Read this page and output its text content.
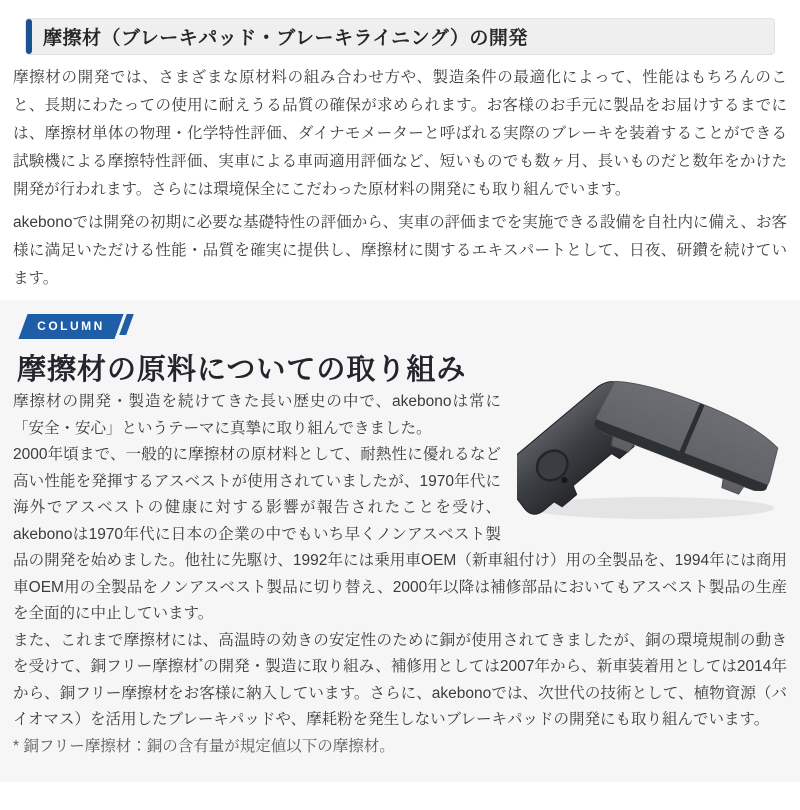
摩擦材（ブレーキパッド・ブレーキライニング）の開発

摩擦材の開発では、さまざまな原材料の組み合わせ方や、製造条件の最適化によって、性能はもちろんのこと、長期にわたっての使用に耐えうる品質の確保が求められます。お客様のお手元に製品をお届けするまでには、摩擦材単体の物理・化学特性評価、ダイナモメーターと呼ばれる実際のブレーキを装着することができる試験機による摩擦特性評価、実車による車両適用評価など、短いものでも数ヶ月、長いものだと数年をかけた開発が行われます。さらには環境保全にこだわった原材料の開発にも取り組んでいます。

akebonoでは開発の初期に必要な基礎特性の評価から、実車の評価までを実施できる設備を自社内に備え、お客様に満足いただける性能・品質を確実に提供し、摩擦材に関するエキスパートとして、日夜、研鑽を続けています。

COLUMN
摩擦材の原料についての取り組み

摩擦材の開発・製造を続けてきた長い歴史の中で、akebonoは常に「安全・安心」というテーマに真摯に取り組んできました。

2000年頃まで、一般的に摩擦材の原材料として、耐熱性に優れるなど高い性能を発揮するアスベストが使用されていましたが、1970年代に海外でアスベストの健康に対する影響が報告されたことを受け、akebonoは1970年代に日本の企業の中でもいち早くノンアスベスト製品の開発を始めました。他社に先駆け、1992年には乗用車OEM（新車組付け）用の全製品を、1994年には商用車OEM用の全製品をノンアスベスト製品に切り替え、2000年以降は補修部品においてもアスベスト製品の生産を全面的に中止しています。

また、これまで摩擦材には、高温時の効きの安定性のために銅が使用されてきましたが、銅の環境規制の動きを受けて、銅フリー摩擦材*の開発・製造に取り組み、補修用としては2007年から、新車装着用としては2014年から、銅フリー摩擦材をお客様に納入しています。さらに、akebonoでは、次世代の技術として、植物資源（バイオマス）を活用したブレーキパッドや、摩耗粉を発生しないブレーキパッドの開発にも取り組んでいます。

* 銅フリー摩擦材：銅の含有量が規定値以下の摩擦材。
